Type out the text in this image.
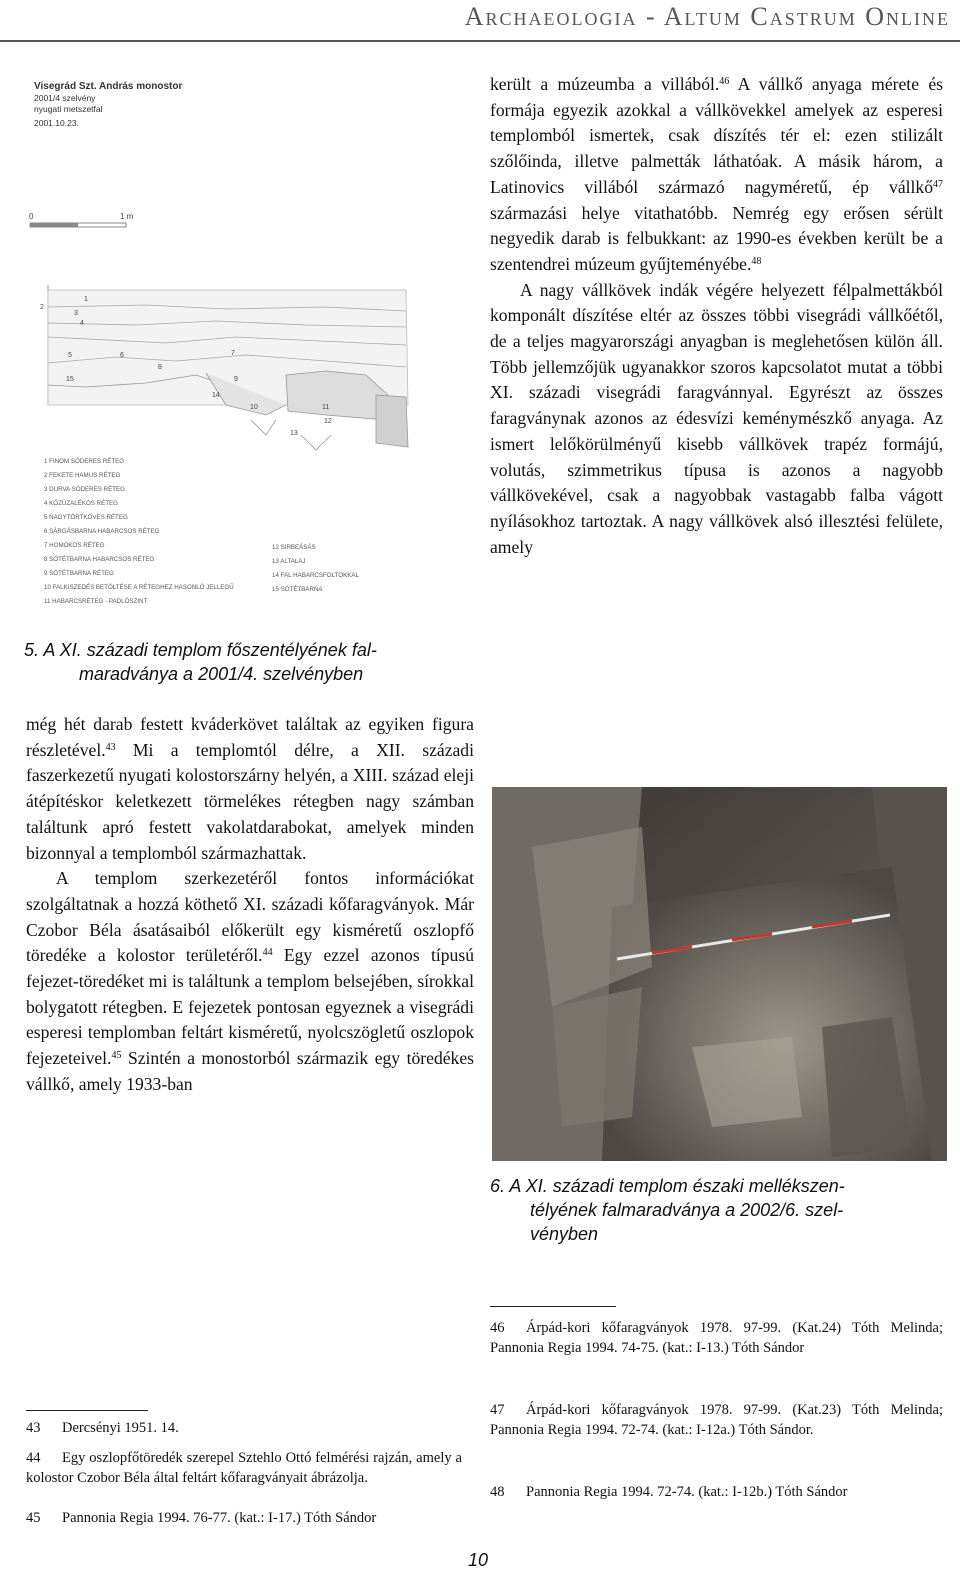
Archaeologia - Altum Castrum Online
Visegrád Szt. András monostor
2001/4 szelvény
nyugati metszetfal
2001.10.23.
0	1 m
1
2
3
4
5	6	7
8
9
10	11
12
13
14
15
1 FINOM SÓDERES RÉTEG
2 FEKETE HAMUS RÉTEG
3 DURVA SÓDERES RÉTEG
4 KŐZÚZALÉKOS RÉTEG
5 NAGYTÖRTKÖVES RÉTEG
6 SÁRGÁSBARNA HABARCSOS RÉTEG
7 HOMOKOS RÉTEG
8 SÖTÉTBARNA HABARCSOS RÉTEG
9 SÖTÉTBARNA RÉTEG
10 FALKISZEDÉS BETÖLTÉSE A RÉTEGHEZ HASONLÓ JELLEGŰ
11 HABARCSRÉTEG - PADLÓSZINT
12 SIRBEÁSÁS
13 ALTALAJ
14 FAL HABARCSFOLTOKKAL
15 SÖTÉTBARNA
5. A XI. századi templom főszentélyének fal-
maradványa a 2001/4. szelvényben

még hét darab festett kváderkövet találtak az egyiken figura részletével.$^{43}$ Mi a templomtól délre, a XII. századi faszerkezetű nyugati kolostorszárny helyén, a XIII. század eleji átépítéskor keletkezett törmelékes rétegben nagy számban találtunk apró festett vakolatdarabokat, amelyek minden bizonnyal a templomból származhattak.

A templom szerkezetéről fontos információkat szolgáltatnak a hozzá köthető XI. századi kőfaragványok. Már Czobor Béla ásatásaiból előkerült egy kisméretű oszlopfő töredéke a kolostor területéről.$^{44}$ Egy ezzel azonos típusú fejezet-töredéket mi is találtunk a templom belsejében, sírokkal bolygatott rétegben. E fejezetek pontosan egyeznek a visegrádi esperesi templomban feltárt kisméretű, nyolcszögletű oszlopok fejezeteivel.$^{45}$ Szintén a monostorból származik egy töredékes vállkő, amely 1933-ban

került a múzeumba a villából.$^{46}$ A vállkő anyaga mérete és formája egyezik azokkal a vállkövekkel amelyek az esperesi templomból ismertek, csak díszítés tér el: ezen stilizált szőlőinda, illetve palmetták láthatóak. A másik három, a Latinovics villából származó nagyméretű, ép vállkő$^{47}$ származási helye vitathatóbb. Nemrég egy erősen sérült negyedik darab is felbukkant: az 1990-es években került be a szentendrei múzeum gyűjteményébe.$^{48}$

A nagy vállkövek indák végére helyezett félpalmettákból komponált díszítése eltér az összes többi visegrádi vállkőétől, de a teljes magyarországi anyagban is meglehetősen külön áll. Több jellemzőjük ugyanakkor szoros kapcsolatot mutat a többi XI. századi visegrádi faragvánnyal. Egyrészt az összes faragványnak azonos az édesvízi keménymészkő anyaga. Az ismert lelőkörülményű kisebb vállkövek trapéz formájú, volutás, szimmetrikus típusa is azonos a nagyobb vállkövekével, csak a nagyobbak vastagabb falba vágott nyílásokhoz tartoztak. A nagy vállkövek alsó illesztési felülete, amely

6. A XI. századi templom északi mellékszen-
télyének falmaradványa a 2002/6. szel-
vényben
43 Dercsényi 1951. 14.
44 Egy oszlopfőtöredék szerepel Sztehlo Ottó felmérési rajzán, amely a kolostor Czobor Béla által feltárt kőfaragványait ábrázolja.
45 Pannonia Regia 1994. 76-77. (kat.: I-17.) Tóth Sándor
46 Árpád-kori kőfaragványok 1978. 97-99. (Kat.24) Tóth Melinda; Pannonia Regia 1994. 74-75. (kat.: I-13.) Tóth Sándor
47 Árpád-kori kőfaragványok 1978. 97-99. (Kat.23) Tóth Melinda; Pannonia Regia 1994. 72-74. (kat.: I-12a.) Tóth Sándor.
48 Pannonia Regia 1994. 72-74. (kat.: I-12b.) Tóth Sándor
10
